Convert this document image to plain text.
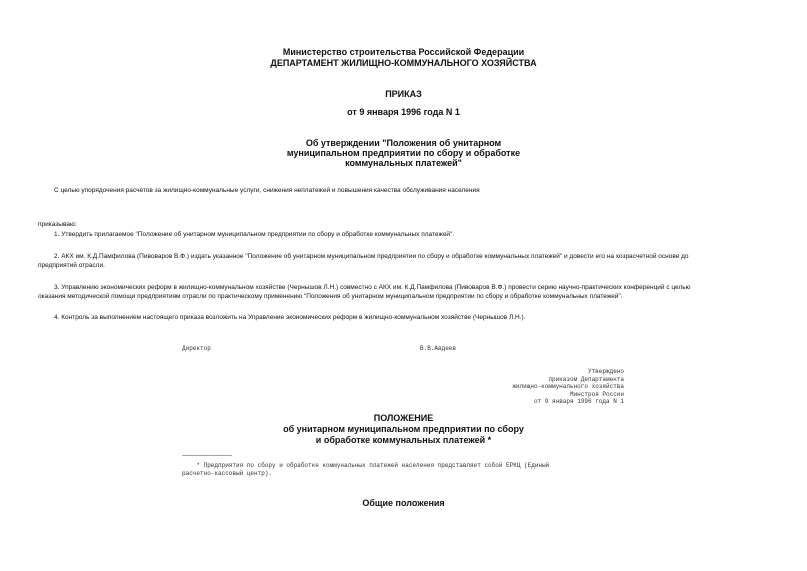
Министерство строительства Российской Федерации
ДЕПАРТАМЕНТ ЖИЛИЩНО-КОММУНАЛЬНОГО ХОЗЯЙСТВА
ПРИКАЗ
от 9 января 1996 года N 1
Об утверждении "Положения об унитарном
муниципальном предприятии по сбору и обработке
коммунальных платежей"
С целью упорядочения расчетов за жилищно-коммунальные услуги, снижения неплатежей и повышения качества обслуживания населения
приказываю:
1. Утвердить прилагаемое "Положение об унитарном муниципальном предприятии по сбору и обработке коммунальных платежей".
2. АКХ им. К.Д.Памфилова (Пивоваров В.Ф.) издать указанное "Положение об унитарном муниципальном предприятии по сбору и обработке коммунальных платежей" и довести его на хозрасчетной основе до
предприятий отрасли.
3. Управлению экономических реформ в жилищно-коммунальном хозяйстве (Чернышов Л.Н.) совместно с АКХ им. К.Д.Памфилова (Пивоваров В.Ф.) провести серию научно-практических конференций с целью
оказания методической помощи предприятиям отрасли по практическому применению "Положения об унитарном муниципальном предприятии по сбору и обработке коммунальных платежей".
4. Контроль за выполнением настоящего приказа возложить на Управление экономических реформ в жилищно-коммунальном хозяйстве (Чернышов Л.Н.).
Директор	В.В.Авдеев
Утверждено
приказом Департамента
жилищно-коммунального хозяйства
Минстроя России
от 9 января 1996 года N 1
ПОЛОЖЕНИЕ
об унитарном муниципальном предприятии по сбору
и обработке коммунальных платежей *
────────────────
* Предприятия по сбору и обработке коммунальных платежей населения представляет собой ЕРКЦ (Единый
расчетно-кассовый центр).
Общие положения
